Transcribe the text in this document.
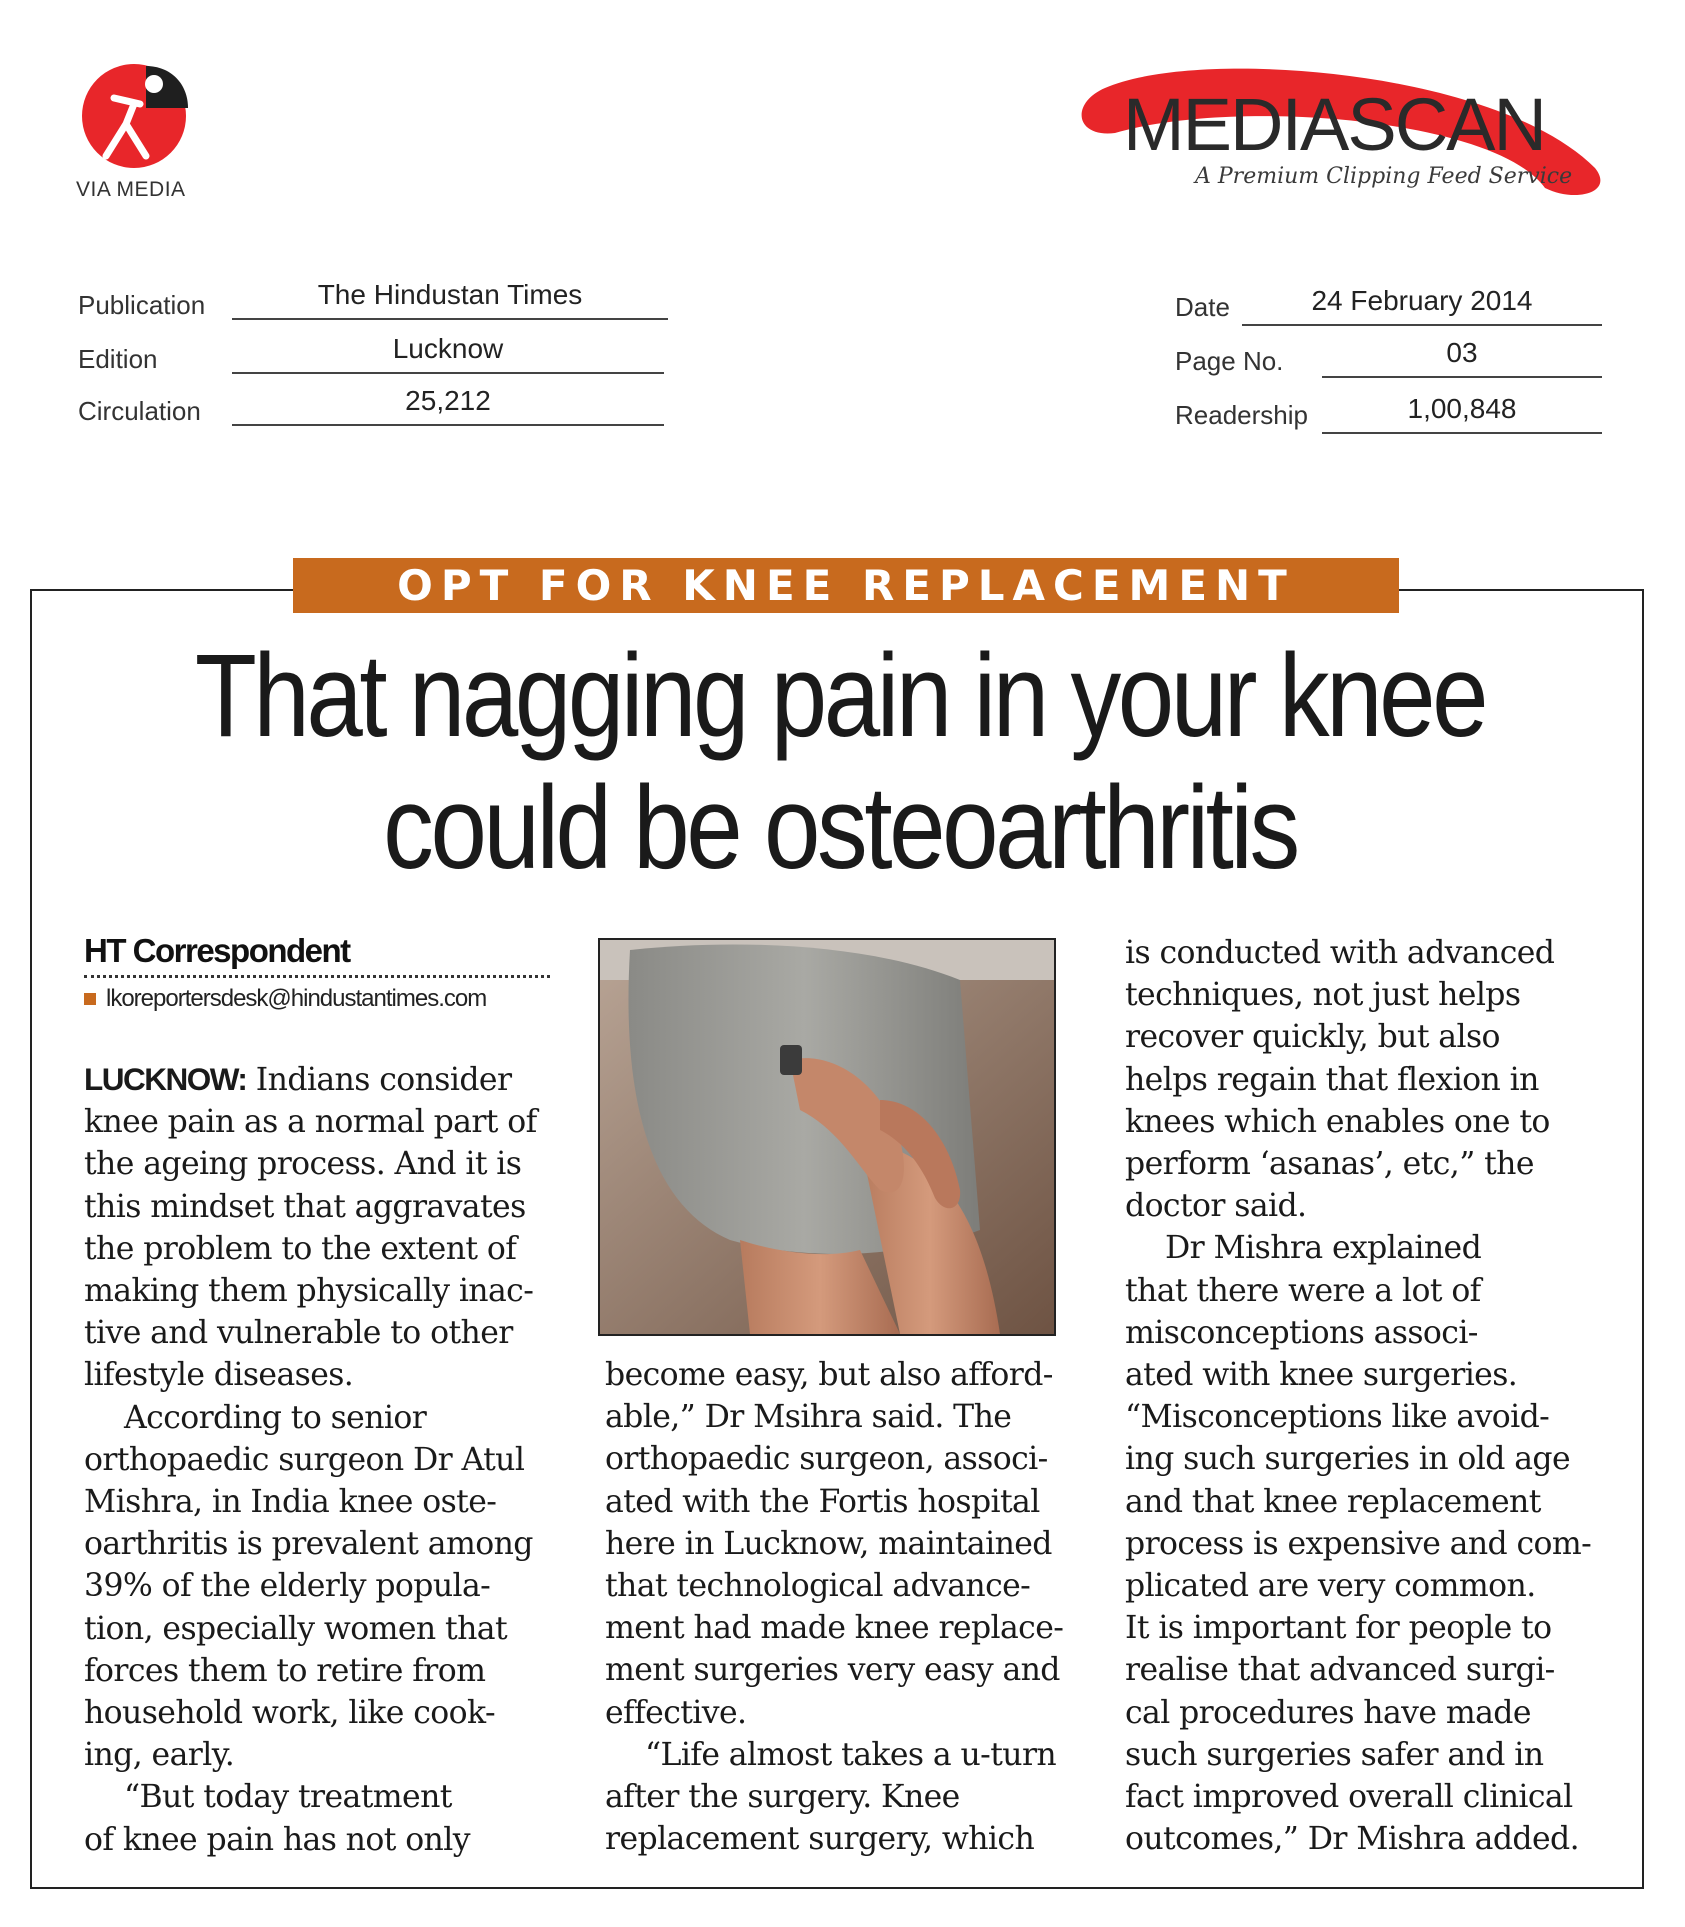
VIA MEDIA
MEDIASCAN
A Premium Clipping Feed Service
Publication	The Hindustan Times
Edition	Lucknow
Circulation	25,212
Date	24 February 2014
Page No.	03
Readership	1,00,848
OPT FOR KNEE REPLACEMENT
That nagging pain in your knee
could be osteoarthritis
HT Correspondent
lkoreportersdesk@hindustantimes.com

LUCKNOW: Indians consider

knee pain as a normal part of

the ageing process. And it is

this mindset that aggravates

the problem to the extent of

making them physically inac-

tive and vulnerable to other

lifestyle diseases.

According to senior

orthopaedic surgeon Dr Atul

Mishra, in India knee oste-

oarthritis is prevalent among

39% of the elderly popula-

tion, especially women that

forces them to retire from

household work, like cook-

ing, early.

“But today treatment

of knee pain has not only

become easy, but also afford-

able,” Dr Msihra said. The

orthopaedic surgeon, associ-

ated with the Fortis hospital

here in Lucknow, maintained

that technological advance-

ment had made knee replace-

ment surgeries very easy and

effective.

“Life almost takes a u-turn

after the surgery. Knee

replacement surgery, which

is conducted with advanced

techniques, not just helps

recover quickly, but also

helps regain that flexion in

knees which enables one to

perform ‘asanas’, etc,” the

doctor said.

Dr Mishra explained

that there were a lot of

misconceptions associ-

ated with knee surgeries.

“Misconceptions like avoid-

ing such surgeries in old age

and that knee replacement

process is expensive and com-

plicated are very common.

It is important for people to

realise that advanced surgi-

cal procedures have made

such surgeries safer and in

fact improved overall clinical

outcomes,” Dr Mishra added.
